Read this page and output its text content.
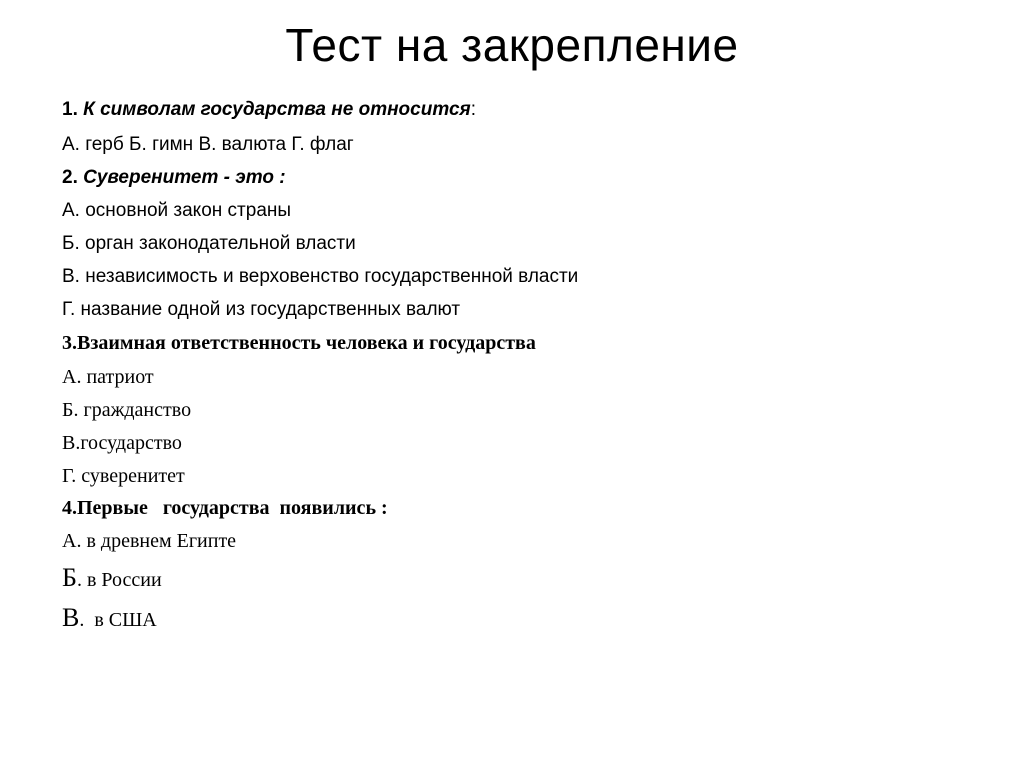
Тест на закрепление
1. К символам государства не относится:
А. герб Б. гимн В. валюта Г. флаг
2. Суверенитет - это :
А. основной закон страны
Б. орган законодательной власти
В. независимость и верховенство государственной власти
Г. название одной из государственных валют
3.Взаимная ответственность человека и государства
А. патриот
Б. гражданство
В.государство
Г. суверенитет
4.Первые   государства  появились :
А. в древнем Египте
Б. в России
В.  в США
